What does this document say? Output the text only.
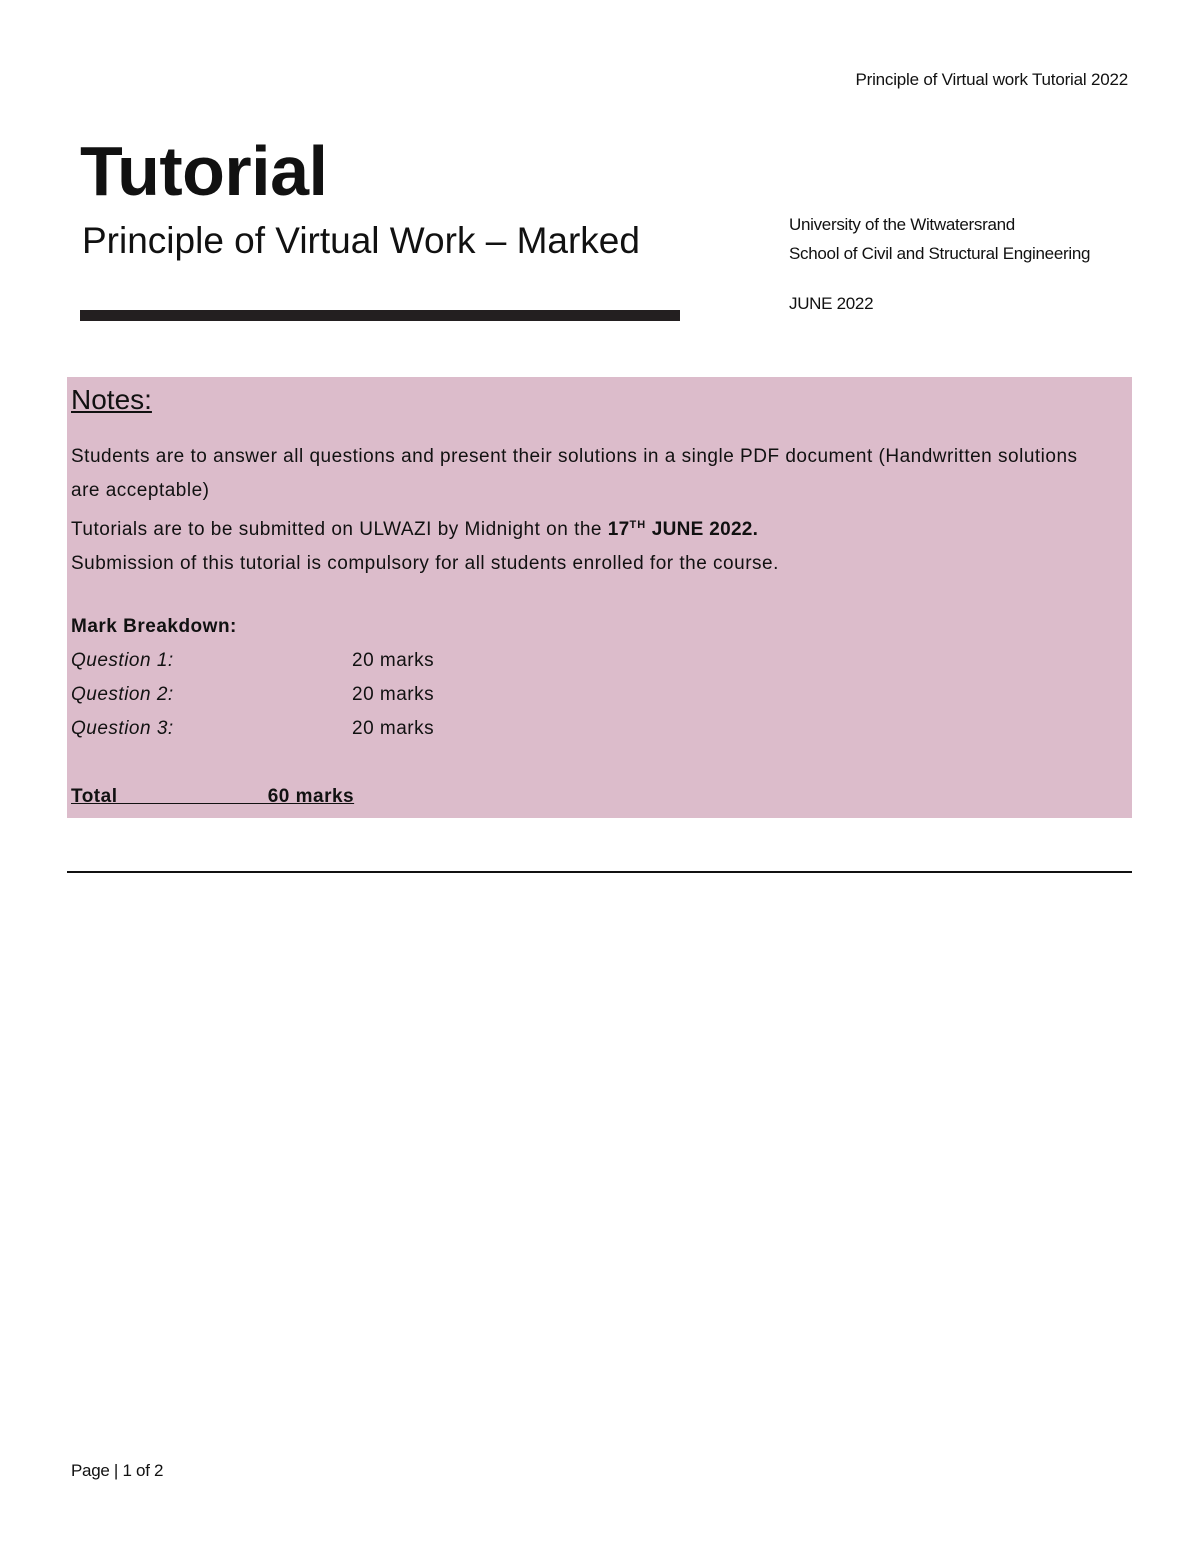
Principle of Virtual work Tutorial 2022
Tutorial
Principle of Virtual Work – Marked	University of the Witwatersrand
School of Civil and Structural Engineering
JUNE 2022
Notes:

Students are to answer all questions and present their solutions in a single PDF document (Handwritten solutions are acceptable)

Tutorials are to be submitted on ULWAZI by Midnight on the 17TH JUNE 2022.

Submission of this tutorial is compulsory for all students enrolled for the course.

Mark Breakdown:
Question 1:	20 marks
Question 2:	20 marks
Question 3:	20 marks
Total                          60 marks
Page | 1 of 2
